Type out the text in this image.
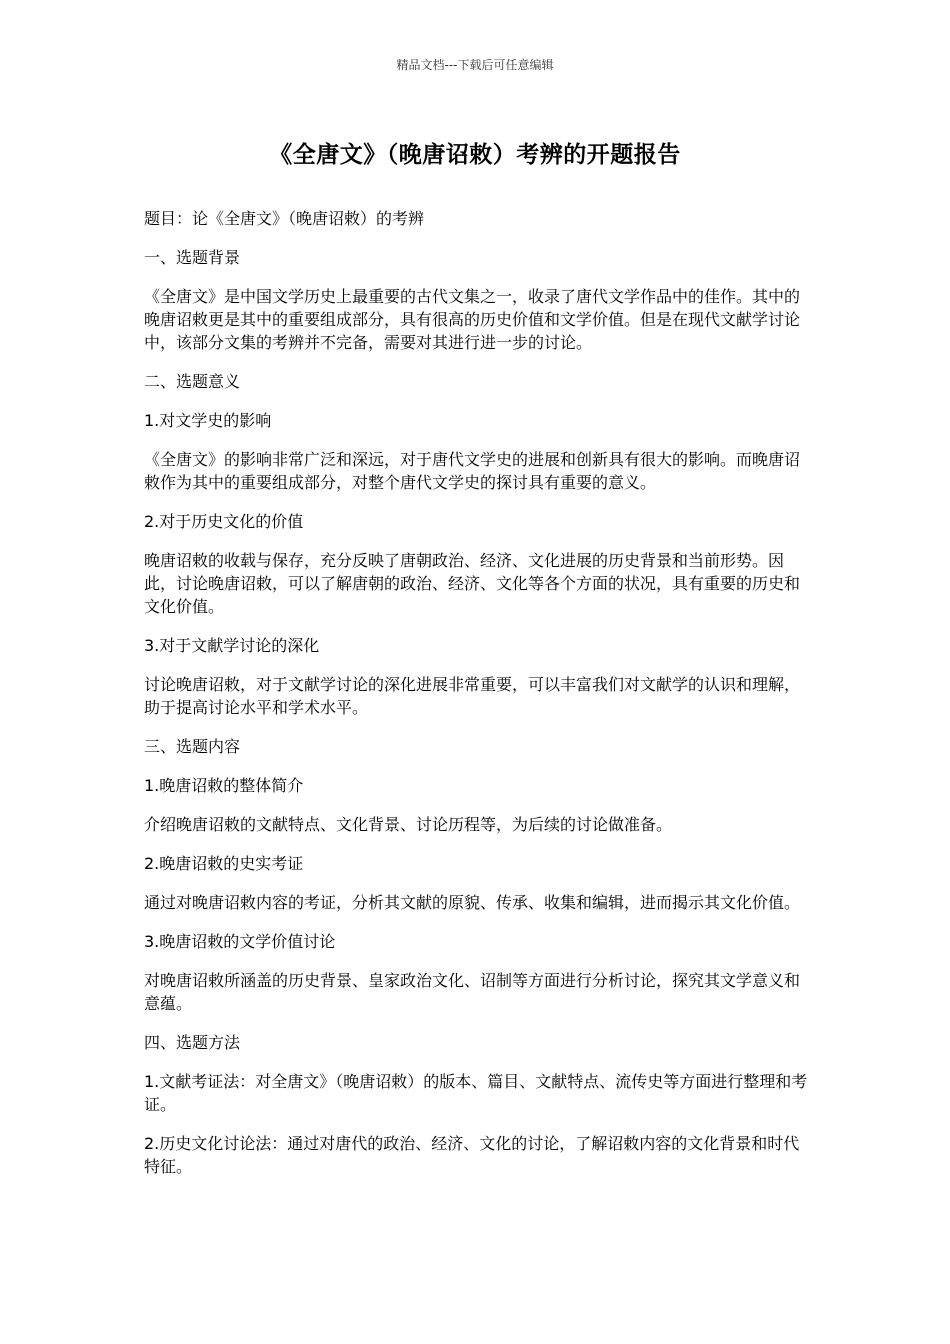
精品文档---下载后可任意编辑
《全唐文》（晚唐诏敕）考辨的开题报告

题目：论《全唐文》（晚唐诏敕）的考辨

一、选题背景

《全唐文》是中国文学历史上最重要的古代文集之一，收录了唐代文学作品中的佳作。其中的晚唐诏敕更是其中的重要组成部分，具有很高的历史价值和文学价值。但是在现代文献学讨论中，该部分文集的考辨并不完备，需要对其进行进一步的讨论。

二、选题意义

1.对文学史的影响

《全唐文》的影响非常广泛和深远，对于唐代文学史的进展和创新具有很大的影响。而晚唐诏敕作为其中的重要组成部分，对整个唐代文学史的探讨具有重要的意义。

2.对于历史文化的价值

晚唐诏敕的收载与保存，充分反映了唐朝政治、经济、文化进展的历史背景和当前形势。因此，讨论晚唐诏敕，可以了解唐朝的政治、经济、文化等各个方面的状况，具有重要的历史和文化价值。

3.对于文献学讨论的深化

讨论晚唐诏敕，对于文献学讨论的深化进展非常重要，可以丰富我们对文献学的认识和理解，助于提高讨论水平和学术水平。

三、选题内容

1.晚唐诏敕的整体简介

介绍晚唐诏敕的文献特点、文化背景、讨论历程等，为后续的讨论做准备。

2.晚唐诏敕的史实考证

通过对晚唐诏敕内容的考证，分析其文献的原貌、传承、收集和编辑，进而揭示其文化价值。

3.晚唐诏敕的文学价值讨论

对晚唐诏敕所涵盖的历史背景、皇家政治文化、诏制等方面进行分析讨论，探究其文学意义和意蕴。

四、选题方法

1.文献考证法：对全唐文》（晚唐诏敕）的版本、篇目、文献特点、流传史等方面进行整理和考证。

2.历史文化讨论法：通过对唐代的政治、经济、文化的讨论，了解诏敕内容的文化背景和时代特征。
